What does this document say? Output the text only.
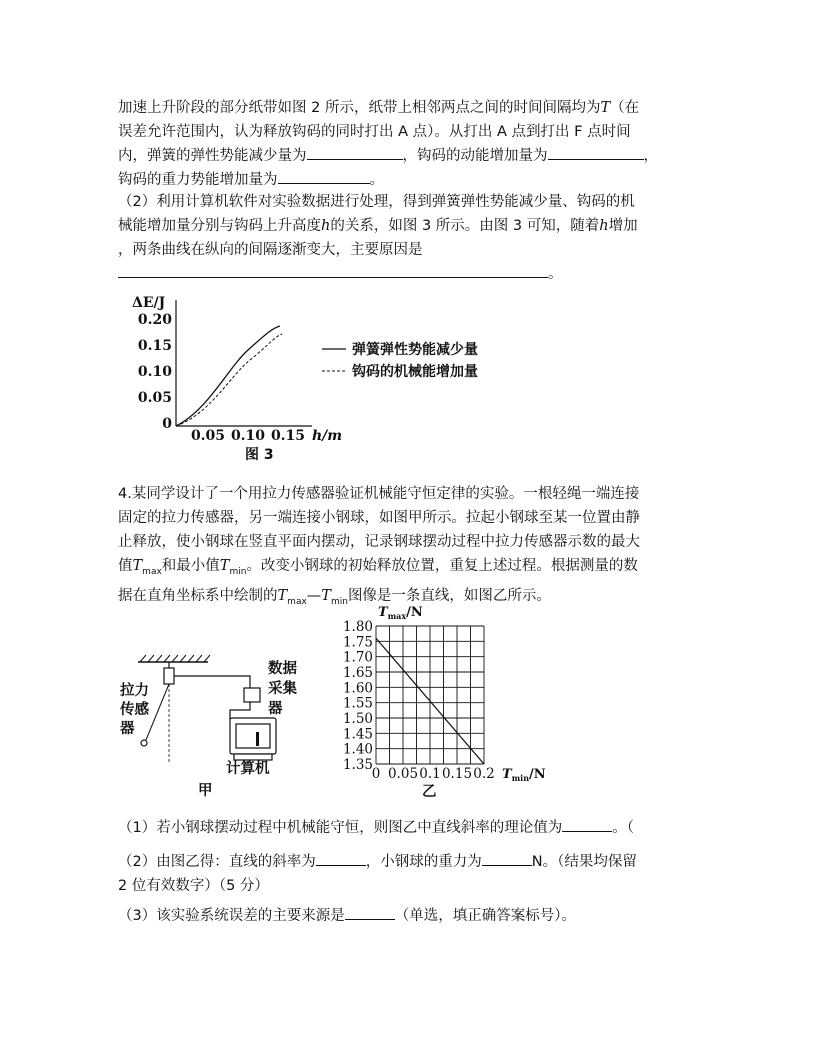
加速上升阶段的部分纸带如图 2 所示，纸带上相邻两点之间的时间间隔均为T（在
误差允许范围内，认为释放钩码的同时打出 A 点）。从打出 A 点到打出 F 点时间
内，弹簧的弹性势能减少量为	，钩码的动能增加量为	，
钩码的重力势能增加量为	。

（2）利用计算机软件对实验数据进行处理，得到弹簧弹性势能减少量、钩码的机
械能增加量分别与钩码上升高度h的关系，如图 3 所示。由图 3 可知，随着h增加
，两条曲线在纵向的间隔逐渐变大，主要原因是
。

ΔE/J
0.20
0.15
0.10
0.05
0
0.05 0.10 0.15 h/m
弹簧弹性势能减少量
钩码的机械能增加量
图 3

4.某同学设计了一个用拉力传感器验证机械能守恒定律的实验。一根轻绳一端连接
固定的拉力传感器，另一端连接小钢球，如图甲所示。拉起小钢球至某一位置由静
止释放，使小钢球在竖直平面内摆动，记录钢球摆动过程中拉力传感器示数的最大
值$T_{max}$和最小值$T_{min}$。改变小钢球的初始释放位置，重复上述过程。根据测量的数
据在直角坐标系中绘制的$T_{max}—T_{min}$图像是一条直线，如图乙所示。

拉力
传感
器
数据
采集
器
计算机
甲
$T_{max}/N$
1.80
1.75
1.70
1.65
1.60
1.55
1.50
1.45
1.40
1.35
0 0.05 0.1 0.15 0.2 $T_{min}/N$
乙

（1）若小钢球摆动过程中机械能守恒，则图乙中直线斜率的理论值为	。（

（2）由图乙得：直线的斜率为	，小钢球的重力为	N。（结果均保留
2 位有效数字）（5 分）

（3）该实验系统误差的主要来源是	（单选，填正确答案标号）。
